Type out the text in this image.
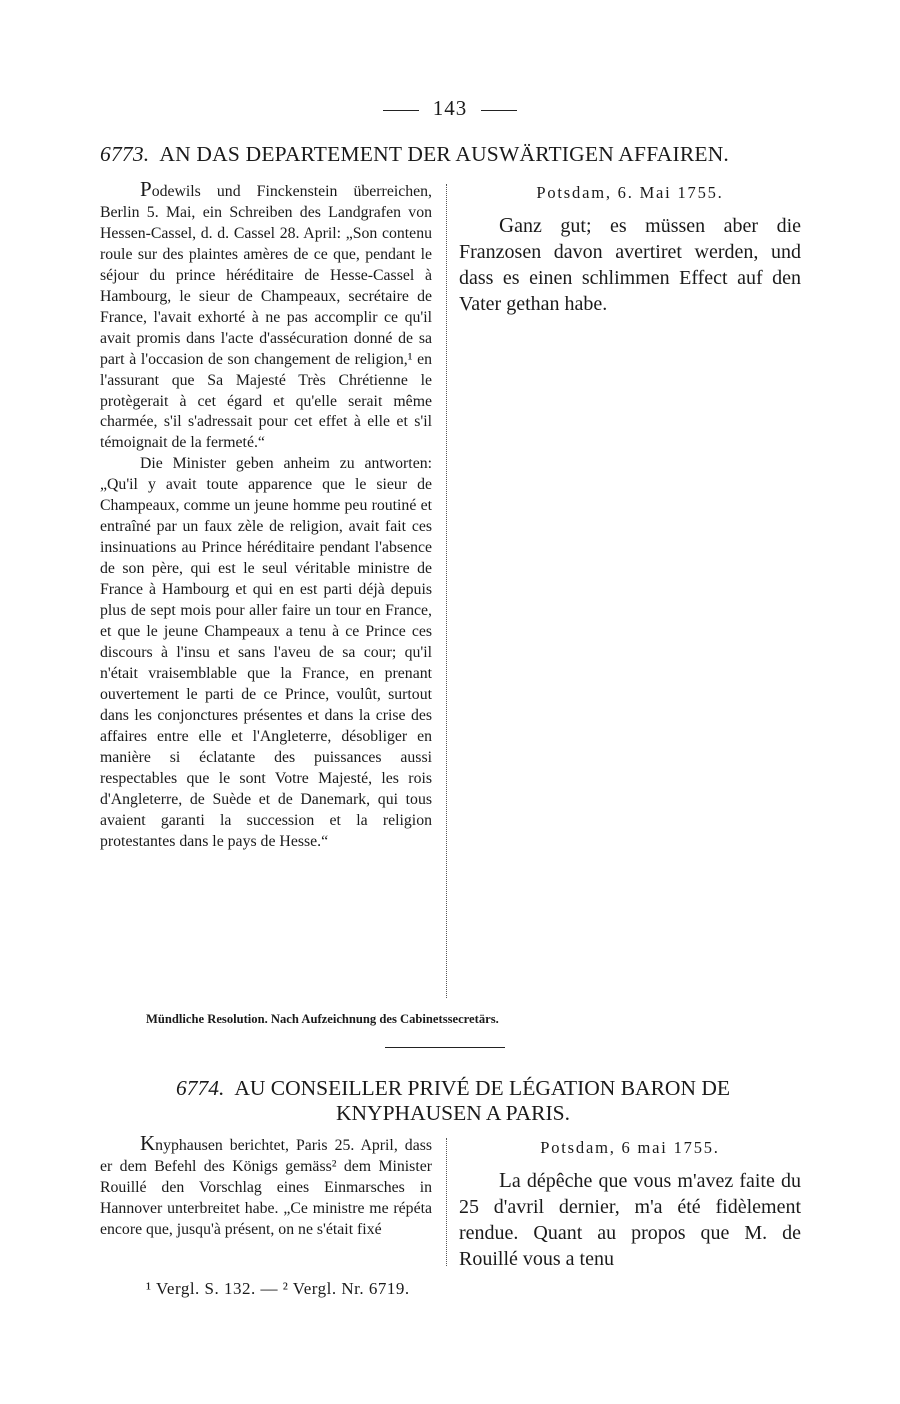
143
6773. AN DAS DEPARTEMENT DER AUSWÄRTIGEN AFFAIREN.

Podewils und Finckenstein überreichen, Berlin 5. Mai, ein Schreiben des Landgrafen von Hessen-Cassel, d. d. Cassel 28. April: „Son contenu roule sur des plaintes amères de ce que, pendant le séjour du prince héréditaire de Hesse-Cassel à Hambourg, le sieur de Champeaux, secrétaire de France, l'avait exhorté à ne pas accomplir ce qu'il avait promis dans l'acte d'assécuration donné de sa part à l'occasion de son changement de religion,¹ en l'assurant que Sa Majesté Très Chrétienne le protègerait à cet égard et qu'elle serait même charmée, s'il s'adressait pour cet effet à elle et s'il témoignait de la fermeté.“

Die Minister geben anheim zu antworten: „Qu'il y avait toute apparence que le sieur de Champeaux, comme un jeune homme peu routiné et entraîné par un faux zèle de religion, avait fait ces insinuations au Prince héréditaire pendant l'absence de son père, qui est le seul véritable ministre de France à Hambourg et qui en est parti déjà depuis plus de sept mois pour aller faire un tour en France, et que le jeune Champeaux a tenu à ce Prince ces discours à l'insu et sans l'aveu de sa cour; qu'il n'était vraisemblable que la France, en prenant ouvertement le parti de ce Prince, voulût, surtout dans les conjonctures présentes et dans la crise des affaires entre elle et l'Angleterre, désobliger en manière si éclatante des puissances aussi respectables que le sont Votre Majesté, les rois d'Angleterre, de Suède et de Danemark, qui tous avaient garanti la succession et la religion protestantes dans le pays de Hesse.“

Potsdam, 6. Mai 1755.

Ganz gut; es müssen aber die Franzosen davon avertiret werden, und dass es einen schlimmen Effect auf den Vater gethan habe.

Mündliche Resolution. Nach Aufzeichnung des Cabinetssecretärs.
6774. AU CONSEILLER PRIVÉ DE LÉGATION BARON DE
KNYPHAUSEN A PARIS.

Knyphausen berichtet, Paris 25. April, dass er dem Befehl des Königs gemäss² dem Minister Rouillé den Vorschlag eines Einmarsches in Hannover unterbreitet habe. „Ce ministre me répéta encore que, jusqu'à présent, on ne s'était fixé

Potsdam, 6 mai 1755.

La dépêche que vous m'avez faite du 25 d'avril dernier, m'a été fidèlement rendue. Quant au propos que M. de Rouillé vous a tenu

¹ Vergl. S. 132. — ² Vergl. Nr. 6719.
